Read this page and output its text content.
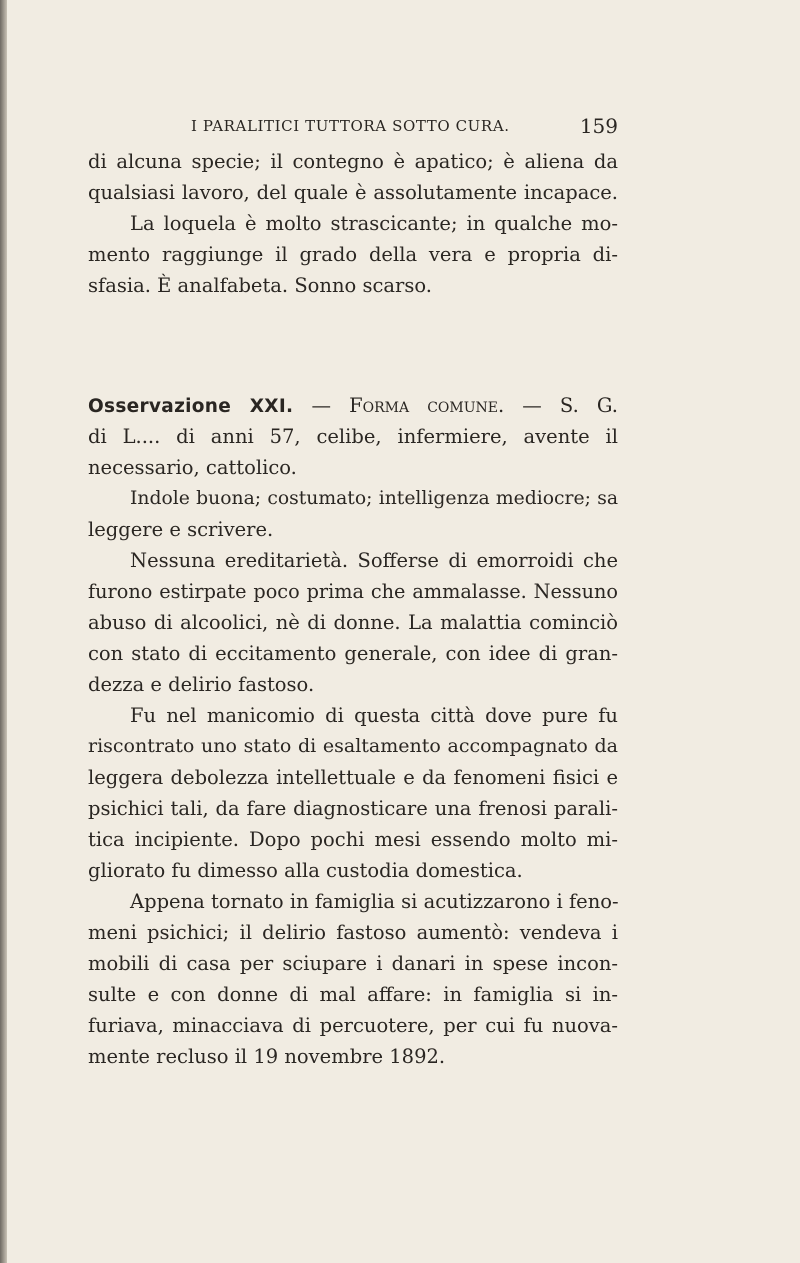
I PARALITICI TUTTORA SOTTO CURA.	159
di alcuna specie; il contegno è apatico; è aliena da
qualsiasi lavoro, del quale è assolutamente incapace.
La loquela è molto strascicante; in qualche mo-
mento raggiunge il grado della vera e propria di-
sfasia. È analfabeta. Sonno scarso.
Osservazione XXI. — Forma comune. — S. G.
di L.... di anni 57, celibe, infermiere, avente il
necessario, cattolico.
Indole buona; costumato; intelligenza mediocre; sa
leggere e scrivere.
Nessuna ereditarietà. Sofferse di emorroidi che
furono estirpate poco prima che ammalasse. Nessuno
abuso di alcoolici, nè di donne. La malattia cominciò
con stato di eccitamento generale, con idee di gran-
dezza e delirio fastoso.
Fu nel manicomio di questa città dove pure fu
riscontrato uno stato di esaltamento accompagnato da
leggera debolezza intellettuale e da fenomeni fisici e
psichici tali, da fare diagnosticare una frenosi parali-
tica incipiente. Dopo pochi mesi essendo molto mi-
gliorato fu dimesso alla custodia domestica.
Appena tornato in famiglia si acutizzarono i feno-
meni psichici; il delirio fastoso aumentò: vendeva i
mobili di casa per sciupare i danari in spese incon-
sulte e con donne di mal affare: in famiglia si in-
furiava, minacciava di percuotere, per cui fu nuova-
mente recluso il 19 novembre 1892.
